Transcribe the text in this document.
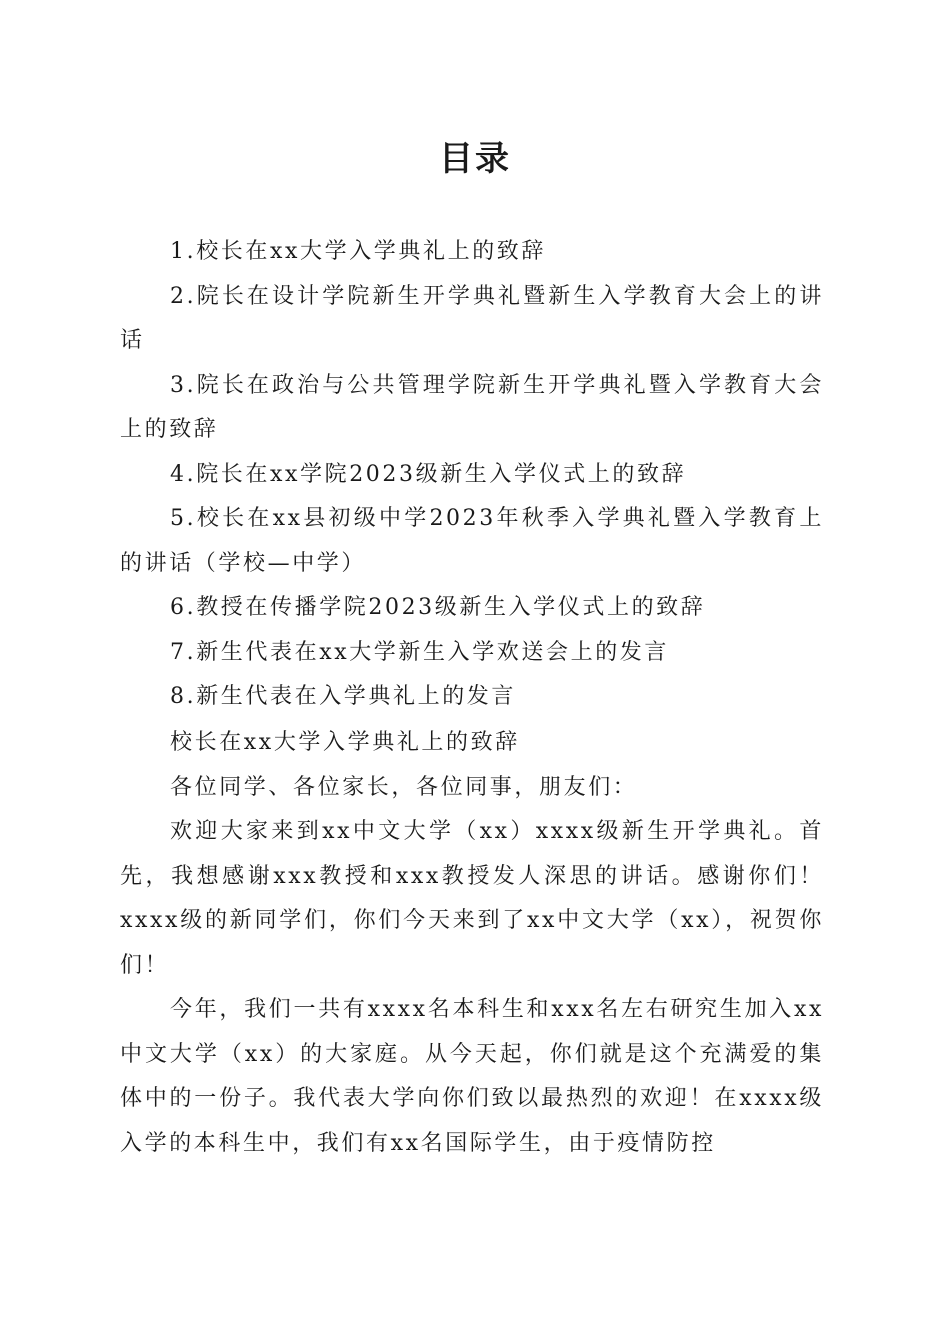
目录
1.校长在xx大学入学典礼上的致辞
2.院长在设计学院新生开学典礼暨新生入学教育大会上的讲话
3.院长在政治与公共管理学院新生开学典礼暨入学教育大会上的致辞
4.院长在xx学院2023级新生入学仪式上的致辞
5.校长在xx县初级中学2023年秋季入学典礼暨入学教育上的讲话（学校—中学）
6.教授在传播学院2023级新生入学仪式上的致辞
7.新生代表在xx大学新生入学欢送会上的发言
8.新生代表在入学典礼上的发言

校长在xx大学入学典礼上的致辞

各位同学、各位家长，各位同事，朋友们：

欢迎大家来到xx中文大学（xx）xxxx级新生开学典礼。首先，我想感谢xxx教授和xxx教授发人深思的讲话。感谢你们！xxxx级的新同学们，你们今天来到了xx中文大学（xx），祝贺你们！

今年，我们一共有xxxx名本科生和xxx名左右研究生加入xx中文大学（xx）的大家庭。从今天起，你们就是这个充满爱的集体中的一份子。我代表大学向你们致以最热烈的欢迎！在xxxx级入学的本科生中，我们有xx名国际学生，由于疫情防控
